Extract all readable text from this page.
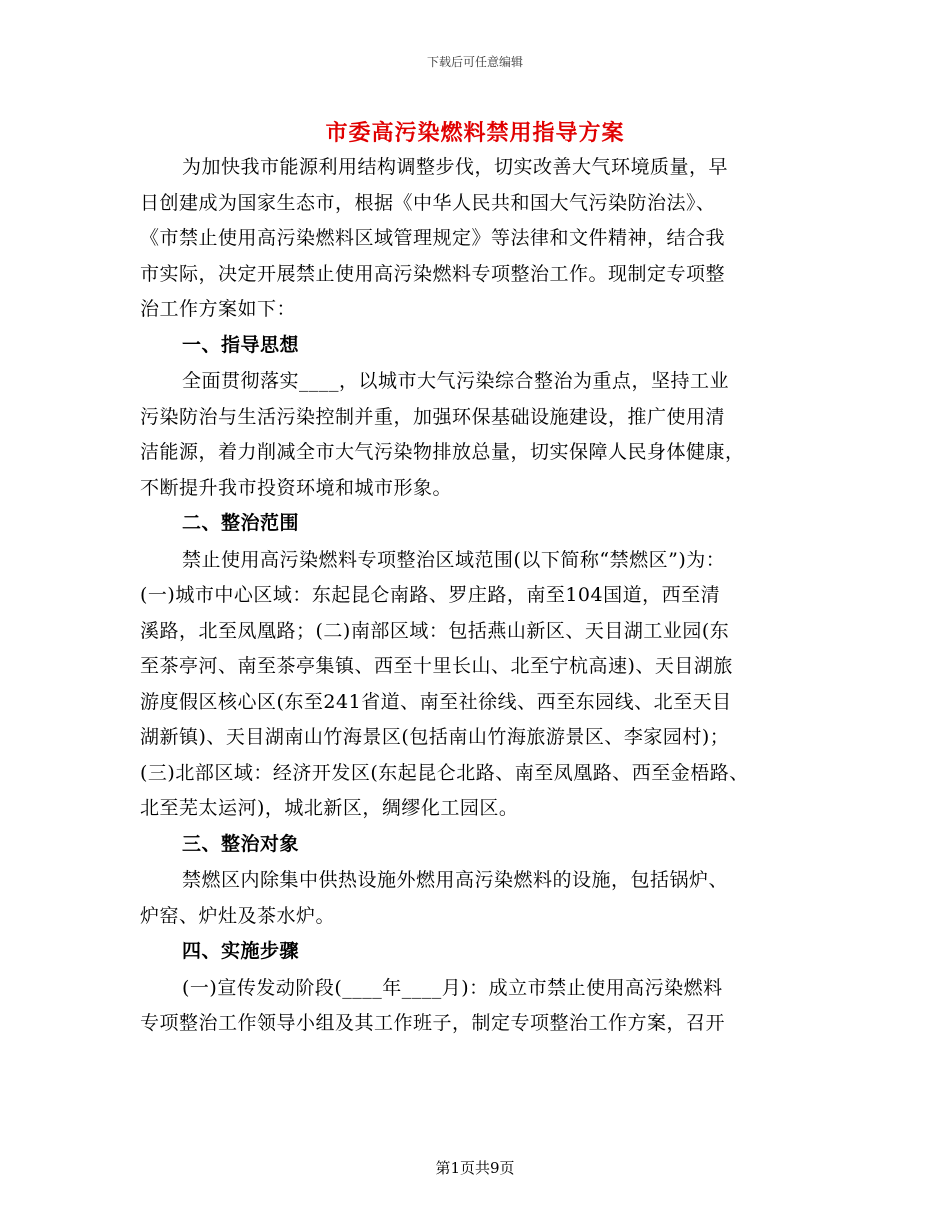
下载后可任意编辑
市委高污染燃料禁用指导方案
为加快我市能源利用结构调整步伐，切实改善大气环境质量，早
日创建成为国家生态市，根据《中华人民共和国大气污染防治法》、
《市禁止使用高污染燃料区域管理规定》等法律和文件精神，结合我
市实际，决定开展禁止使用高污染燃料专项整治工作。现制定专项整
治工作方案如下：
一、指导思想
全面贯彻落实____，以城市大气污染综合整治为重点，坚持工业
污染防治与生活污染控制并重，加强环保基础设施建设，推广使用清
洁能源，着力削减全市大气污染物排放总量，切实保障人民身体健康，
不断提升我市投资环境和城市形象。
二、整治范围
禁止使用高污染燃料专项整治区域范围(以下简称“禁燃区”)为：
(一)城市中心区域：东起昆仑南路、罗庄路，南至104国道，西至清
溪路，北至凤凰路；(二)南部区域：包括燕山新区、天目湖工业园(东
至茶亭河、南至茶亭集镇、西至十里长山、北至宁杭高速)、天目湖旅
游度假区核心区(东至241省道、南至社徐线、西至东园线、北至天目
湖新镇)、天目湖南山竹海景区(包括南山竹海旅游景区、李家园村)；
(三)北部区域：经济开发区(东起昆仑北路、南至凤凰路、西至金梧路、
北至芜太运河)，城北新区，绸缪化工园区。
三、整治对象
禁燃区内除集中供热设施外燃用高污染燃料的设施，包括锅炉、
炉窑、炉灶及茶水炉。
四、实施步骤
(一)宣传发动阶段(____年____月)：成立市禁止使用高污染燃料
专项整治工作领导小组及其工作班子，制定专项整治工作方案，召开
第1页共9页
